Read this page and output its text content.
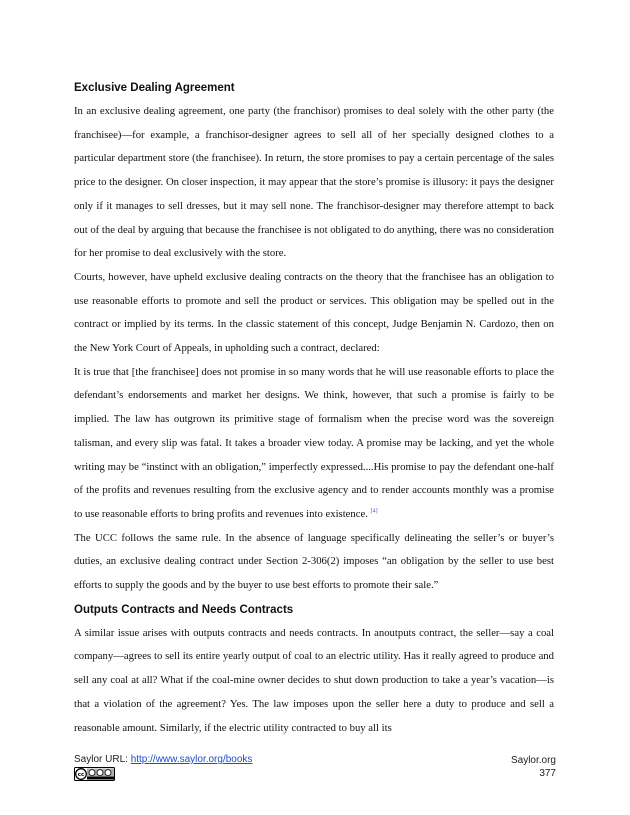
Exclusive Dealing Agreement

In an exclusive dealing agreement, one party (the franchisor) promises to deal solely with the other party (the franchisee)—for example, a franchisor-designer agrees to sell all of her specially designed clothes to a particular department store (the franchisee). In return, the store promises to pay a certain percentage of the sales price to the designer. On closer inspection, it may appear that the store’s promise is illusory: it pays the designer only if it manages to sell dresses, but it may sell none. The franchisor-designer may therefore attempt to back out of the deal by arguing that because the franchisee is not obligated to do anything, there was no consideration for her promise to deal exclusively with the store.

Courts, however, have upheld exclusive dealing contracts on the theory that the franchisee has an obligation to use reasonable efforts to promote and sell the product or services. This obligation may be spelled out in the contract or implied by its terms. In the classic statement of this concept, Judge Benjamin N. Cardozo, then on the New York Court of Appeals, in upholding such a contract, declared:

It is true that [the franchisee] does not promise in so many words that he will use reasonable efforts to place the defendant’s endorsements and market her designs. We think, however, that such a promise is fairly to be implied. The law has outgrown its primitive stage of formalism when the precise word was the sovereign talisman, and every slip was fatal. It takes a broader view today. A promise may be lacking, and yet the whole writing may be “instinct with an obligation,” imperfectly expressed....His promise to pay the defendant one-half of the profits and revenues resulting from the exclusive agency and to render accounts monthly was a promise to use reasonable efforts to bring profits and revenues into existence. [4]

The UCC follows the same rule. In the absence of language specifically delineating the seller’s or buyer’s duties, an exclusive dealing contract under Section 2-306(2) imposes “an obligation by the seller to use best efforts to supply the goods and by the buyer to use best efforts to promote their sale.”

Outputs Contracts and Needs Contracts

A similar issue arises with outputs contracts and needs contracts. In anoutputs contract, the seller—say a coal company—agrees to sell its entire yearly output of coal to an electric utility. Has it really agreed to produce and sell any coal at all? What if the coal-mine owner decides to shut down production to take a year’s vacation—is that a violation of the agreement? Yes. The law imposes upon the seller here a duty to produce and sell a reasonable amount. Similarly, if the electric utility contracted to buy all its

Saylor URL: http://www.saylor.org/books
cc
Saylor.org
377
